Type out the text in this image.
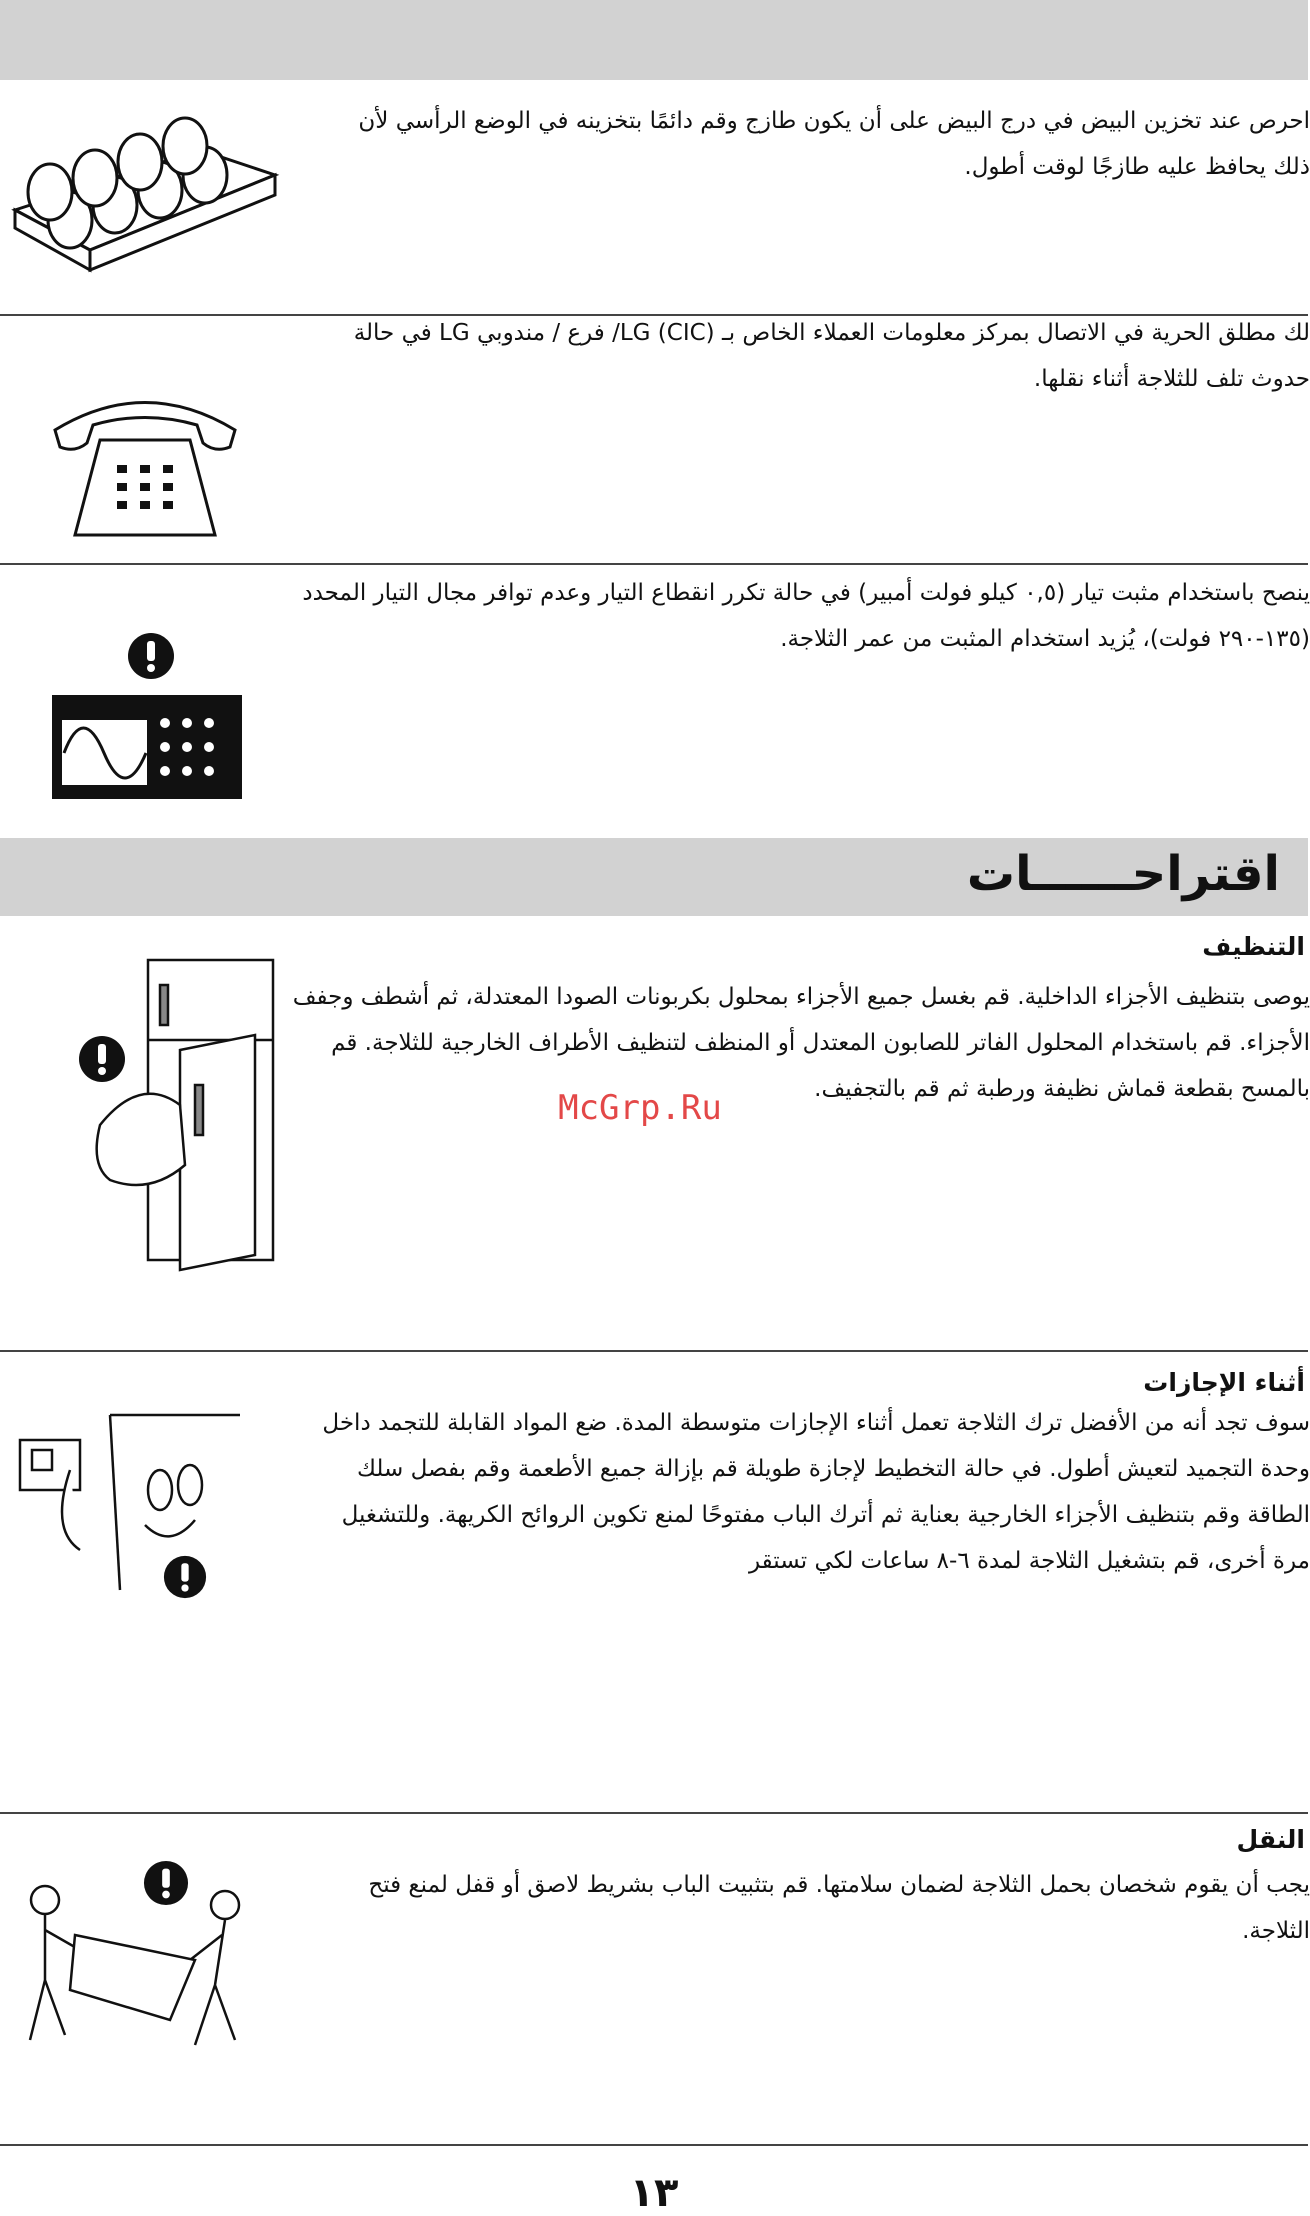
احرص عند تخزين البيض في درج البيض على أن يكون طازج وقم دائمًا بتخزينه في الوضع الرأسي لأن ذلك يحافظ عليه طازجًا لوقت أطول.
لك مطلق الحرية في الاتصال بمركز معلومات العملاء الخاص بـ LG (CIC)/ فرع / مندوبي LG في حالة حدوث تلف للثلاجة أثناء نقلها.
ينصح باستخدام مثبت تيار (٠,٥ كيلو فولت أمبير) في حالة تكرر انقطاع التيار وعدم توافر مجال التيار المحدد (١٣٥-٢٩٠ فولت)، يُزيد استخدام المثبت من عمر الثلاجة.
اقتراحــــــات
التنظيف
يوصى بتنظيف الأجزاء الداخلية. قم بغسل جميع الأجزاء بمحلول بكربونات الصودا المعتدلة، ثم أشطف وجفف الأجزاء. قم باستخدام المحلول الفاتر للصابون المعتدل أو المنظف لتنظيف الأطراف الخارجية للثلاجة. قم بالمسح بقطعة قماش نظيفة ورطبة ثم قم بالتجفيف.
McGrp.Ru
أثناء الإجازات
سوف تجد أنه من الأفضل ترك الثلاجة تعمل أثناء الإجازات متوسطة المدة. ضع المواد القابلة للتجمد داخل وحدة التجميد لتعيش أطول. في حالة التخطيط لإجازة طويلة قم بإزالة جميع الأطعمة وقم بفصل سلك الطاقة وقم بتنظيف الأجزاء الخارجية بعناية ثم أترك الباب مفتوحًا لمنع تكوين الروائح الكريهة. وللتشغيل مرة أخرى، قم بتشغيل الثلاجة لمدة ٦-٨ ساعات لكي تستقر
النقل
يجب أن يقوم شخصان بحمل الثلاجة لضمان سلامتها. قم بتثبيت الباب بشريط لاصق أو قفل لمنع فتح الثلاجة.
١٣
